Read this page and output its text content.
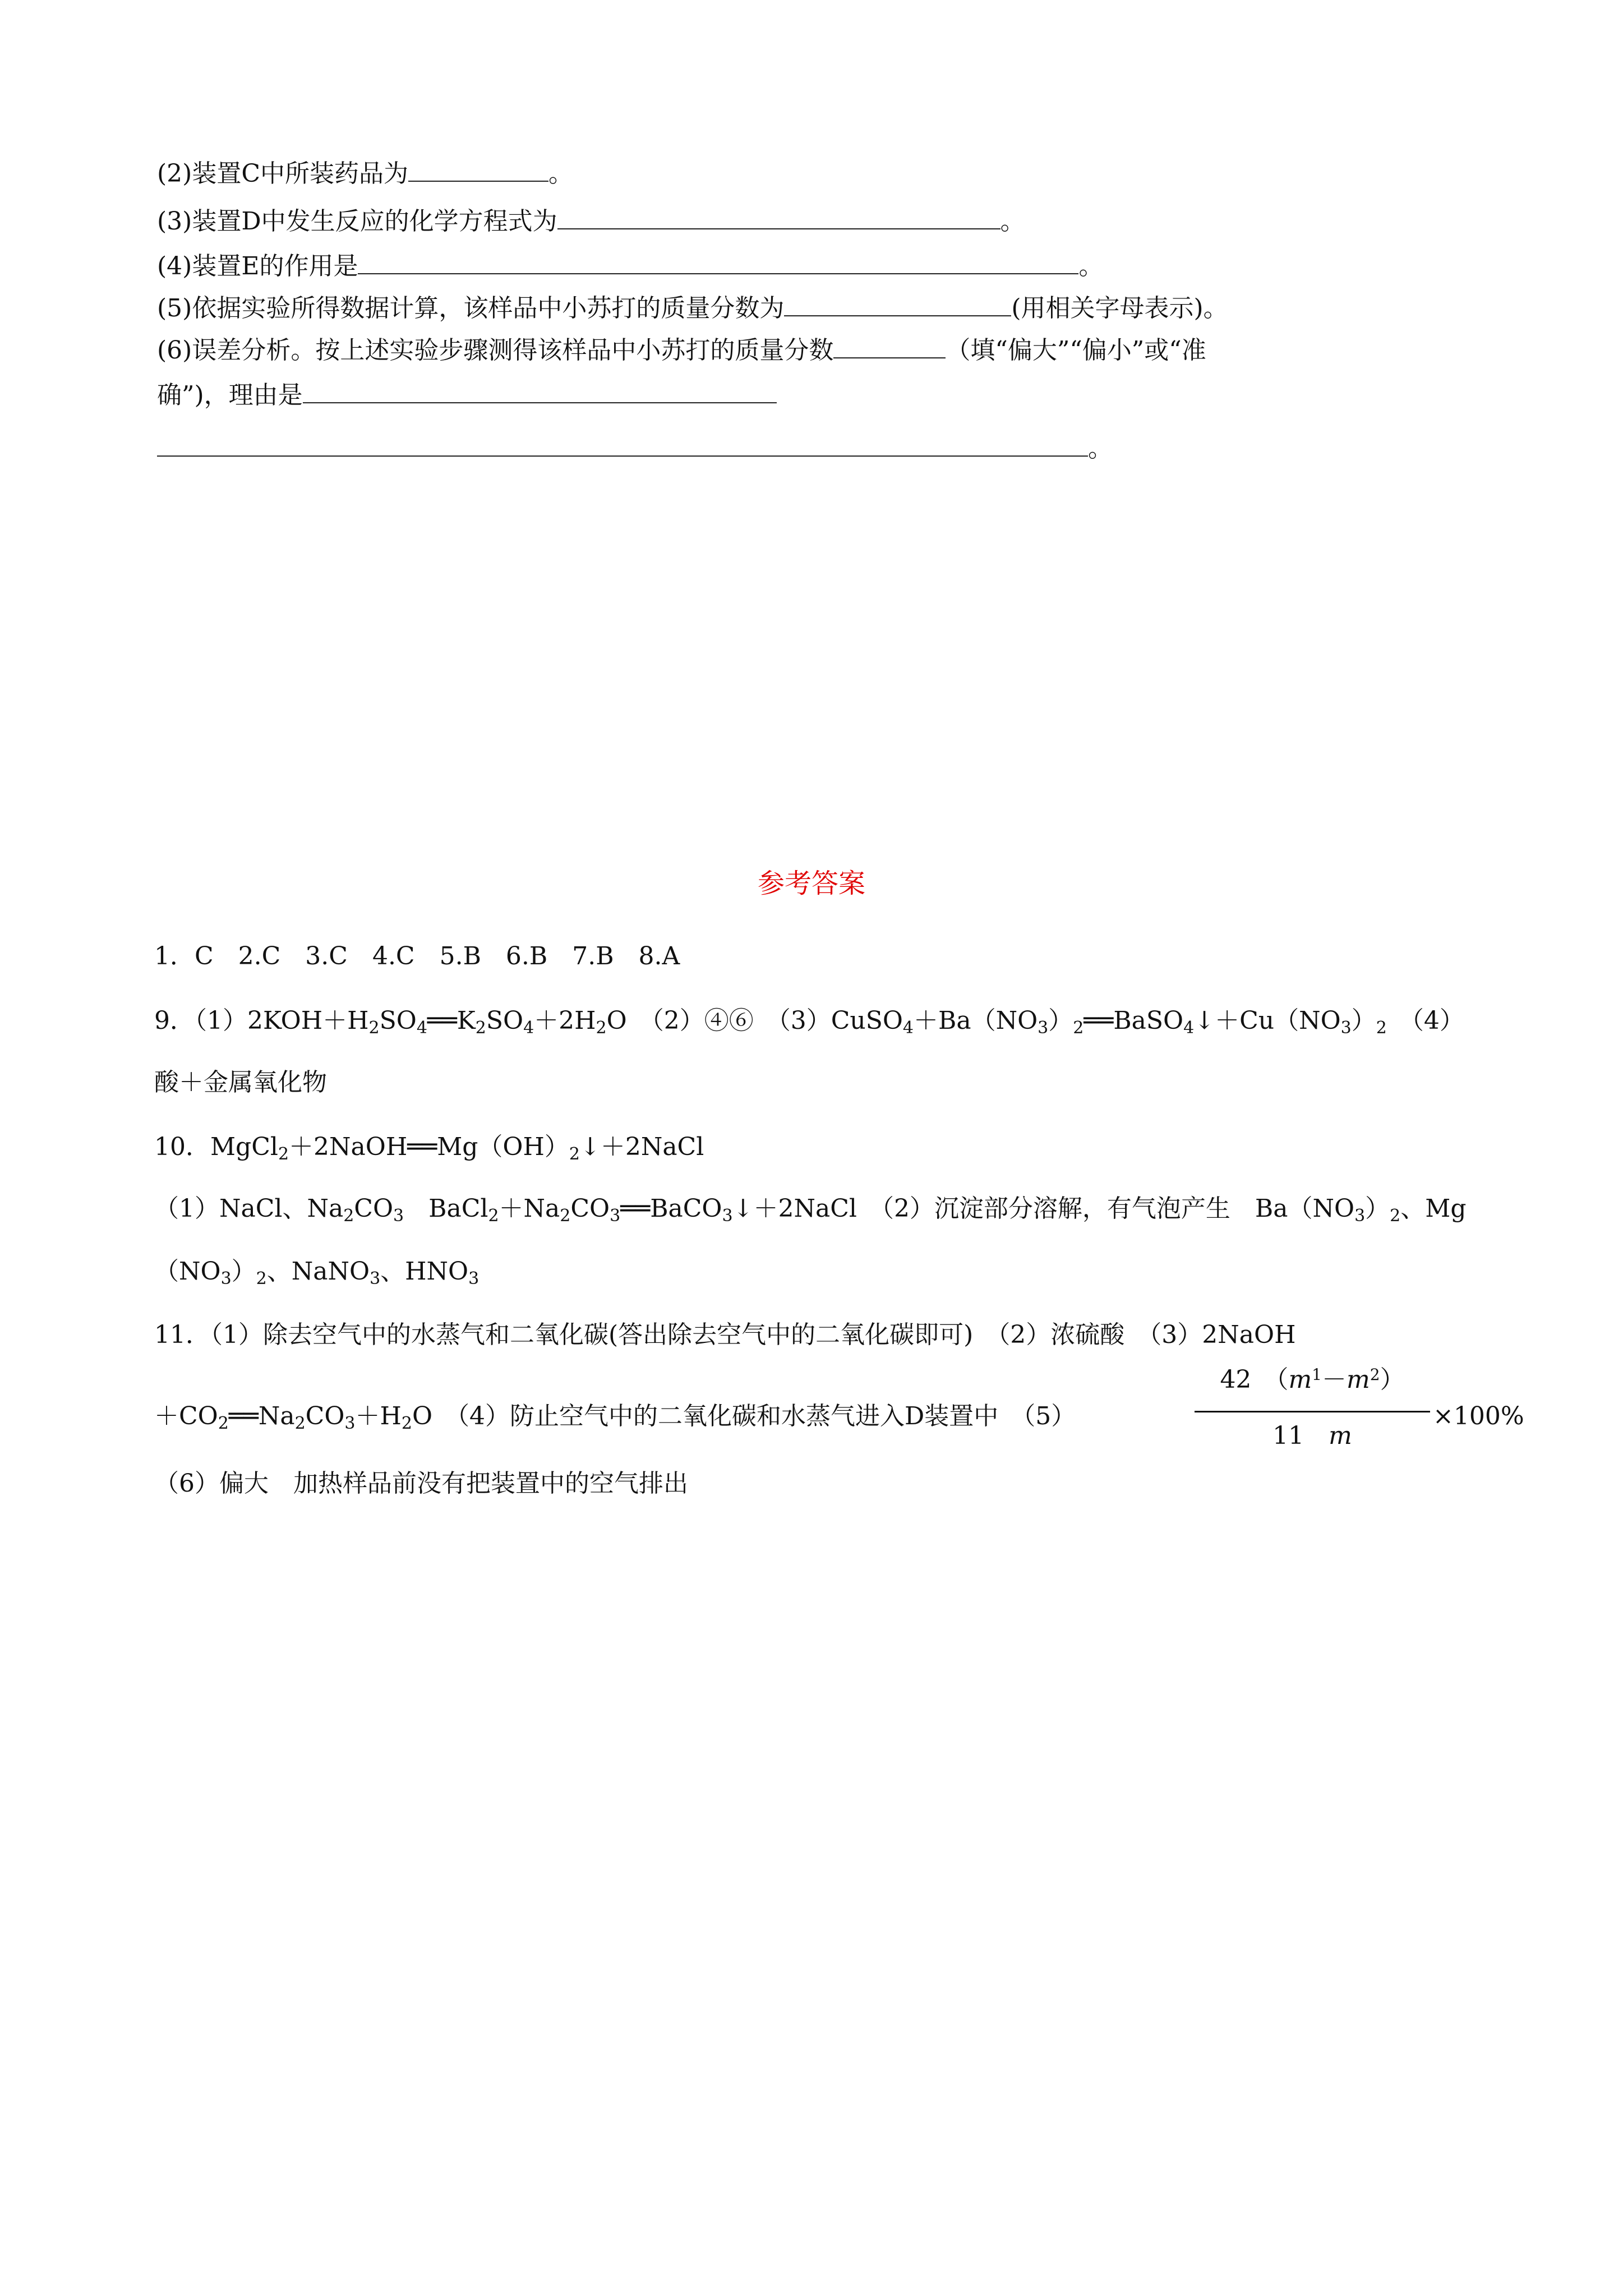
(2)装置C中所装药品为	。
(3)装置D中发生反应的化学方程式为	。
(4)装置E的作用是	。
(5)依据实验所得数据计算，该样品中小苏打的质量分数为	(用相关字母表示)。
(6)误差分析。按上述实验步骤测得该样品中小苏打的质量分数	（填“偏大”“偏小”或“准
确”)，理由是
。
参考答案
1．C　2.C　3.C　4.C　5.B　6.B　7.B　8.A
9．$(1)2KOH+H_2SO_4══K_2SO_4+2H_2O$　（2）④⑥　$(3)CuSO_4+Ba(NO_3)_2══BaSO_4↓+Cu(NO_3)_2$　（4）
酸＋金属氧化物
10．$MgCl_2+2NaOH══Mg(OH)_2↓+2NaCl$
（1）NaCl、$Na_2CO_3$　$BaCl_2+Na_2CO_3══BaCO_3↓+2NaCl$　（2）沉淀部分溶解，有气泡产生　$Ba(NO_3)_2$、Mg
$(NO_3)_2$、NaNO$_3$、$HNO_3$
11．（1）除去空气中的水蒸气和二氧化碳(答出除去空气中的二氧化碳即可)　（2）浓硫酸　（3）2NaOH
$+CO_2══Na_2CO_3+H_2O$　（4）防止空气中的二氧化碳和水蒸气进入D装置中　（5）
42　$(m^1-m^2)$
11　m
×100%
（6）偏大　加热样品前没有把装置中的空气排出
